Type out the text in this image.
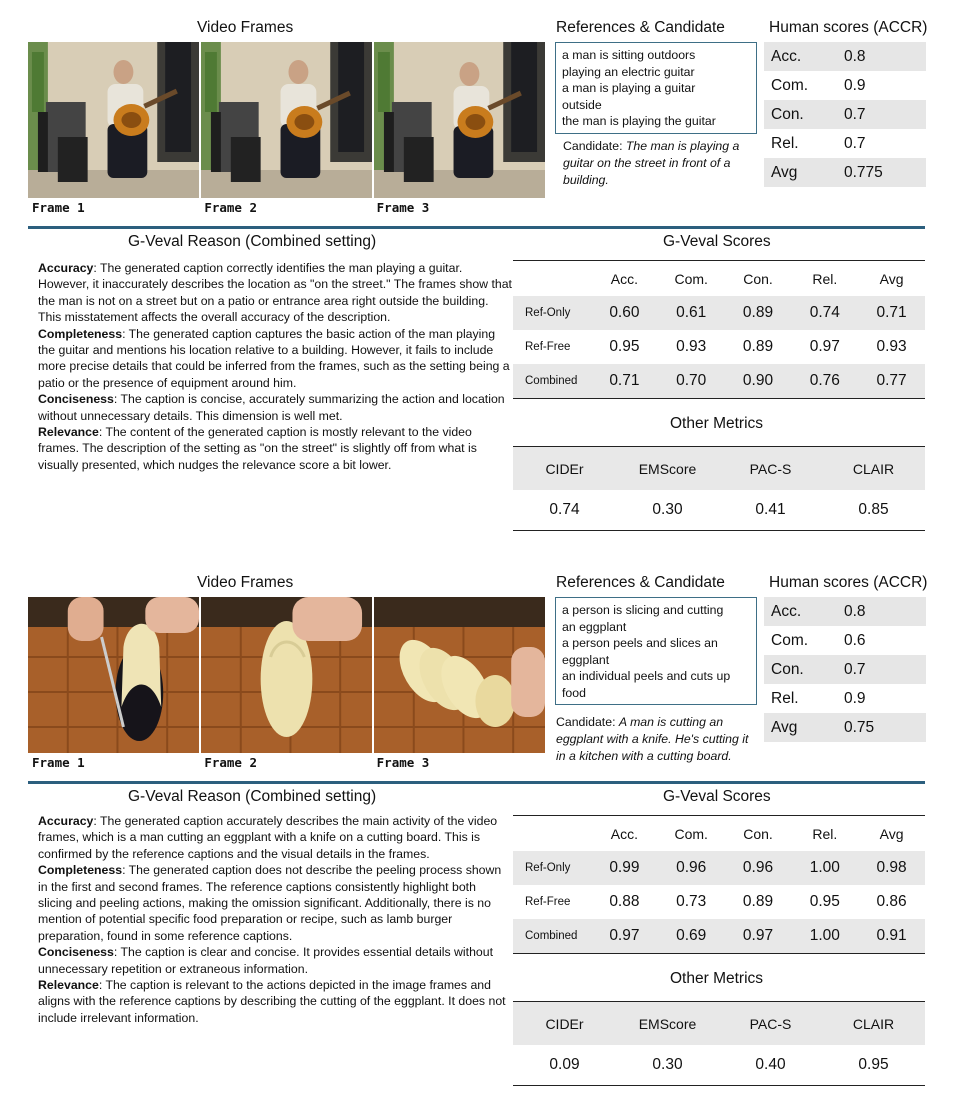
Video Frames
Frame 1	Frame 2	Frame 3
References & Candidate
a man is sitting outdoors
playing an electric guitar
a man is playing a guitar
outside
the man is playing the guitar
Candidate: The man is playing a guitar on the street in front of a building.
Human scores (ACCR)
Acc.	0.8
Com.	0.9
Con.	0.7
Rel.	0.7
Avg	0.775
G-Veval Reason (Combined setting)

Accuracy: The generated caption correctly identifies the man playing a guitar. However, it inaccurately describes the location as "on the street." The frames show that the man is not on a street but on a patio or entrance area right outside the building. This misstatement affects the overall accuracy of the description.

Completeness: The generated caption captures the basic action of the man playing the guitar and mentions his location relative to a building. However, it fails to include more precise details that could be inferred from the frames, such as the setting being a patio or the presence of equipment around him.

Conciseness: The caption is concise, accurately summarizing the action and location without unnecessary details. This dimension is well met.

Relevance: The content of the generated caption is mostly relevant to the video frames. The description of the setting as "on the street" is slightly off from what is visually presented, which nudges the relevance score a bit lower.

G-Veval Scores
Acc.	Com.	Con.	Rel.	Avg
Ref-Only	0.60	0.61	0.89	0.74	0.71
Ref-Free	0.95	0.93	0.89	0.97	0.93
Combined	0.71	0.70	0.90	0.76	0.77
Other Metrics
CIDEr	EMScore	PAC-S	CLAIR
0.74	0.30	0.41	0.85
Video Frames
Frame 1	Frame 2	Frame 3
References & Candidate
a person is slicing and cutting
an eggplant
a person peels and slices an
eggplant
an individual peels and cuts up
food
Candidate: A man is cutting an eggplant with a knife. He's cutting it in a kitchen with a cutting board.
Human scores (ACCR)
Acc.	0.8
Com.	0.6
Con.	0.7
Rel.	0.9
Avg	0.75
G-Veval Reason (Combined setting)

Accuracy: The generated caption accurately describes the main activity of the video frames, which is a man cutting an eggplant with a knife on a cutting board. This is confirmed by the reference captions and the visual details in the frames.

Completeness: The generated caption does not describe the peeling process shown in the first and second frames. The reference captions consistently highlight both slicing and peeling actions, making the omission significant. Additionally, there is no mention of potential specific food preparation or recipe, such as lamb burger preparation, found in some reference captions.

Conciseness: The caption is clear and concise. It provides essential details without unnecessary repetition or extraneous information.

Relevance: The caption is relevant to the actions depicted in the image frames and aligns with the reference captions by describing the cutting of the eggplant. It does not include irrelevant information.

G-Veval Scores
Acc.	Com.	Con.	Rel.	Avg
Ref-Only	0.99	0.96	0.96	1.00	0.98
Ref-Free	0.88	0.73	0.89	0.95	0.86
Combined	0.97	0.69	0.97	1.00	0.91
Other Metrics
CIDEr	EMScore	PAC-S	CLAIR
0.09	0.30	0.40	0.95
